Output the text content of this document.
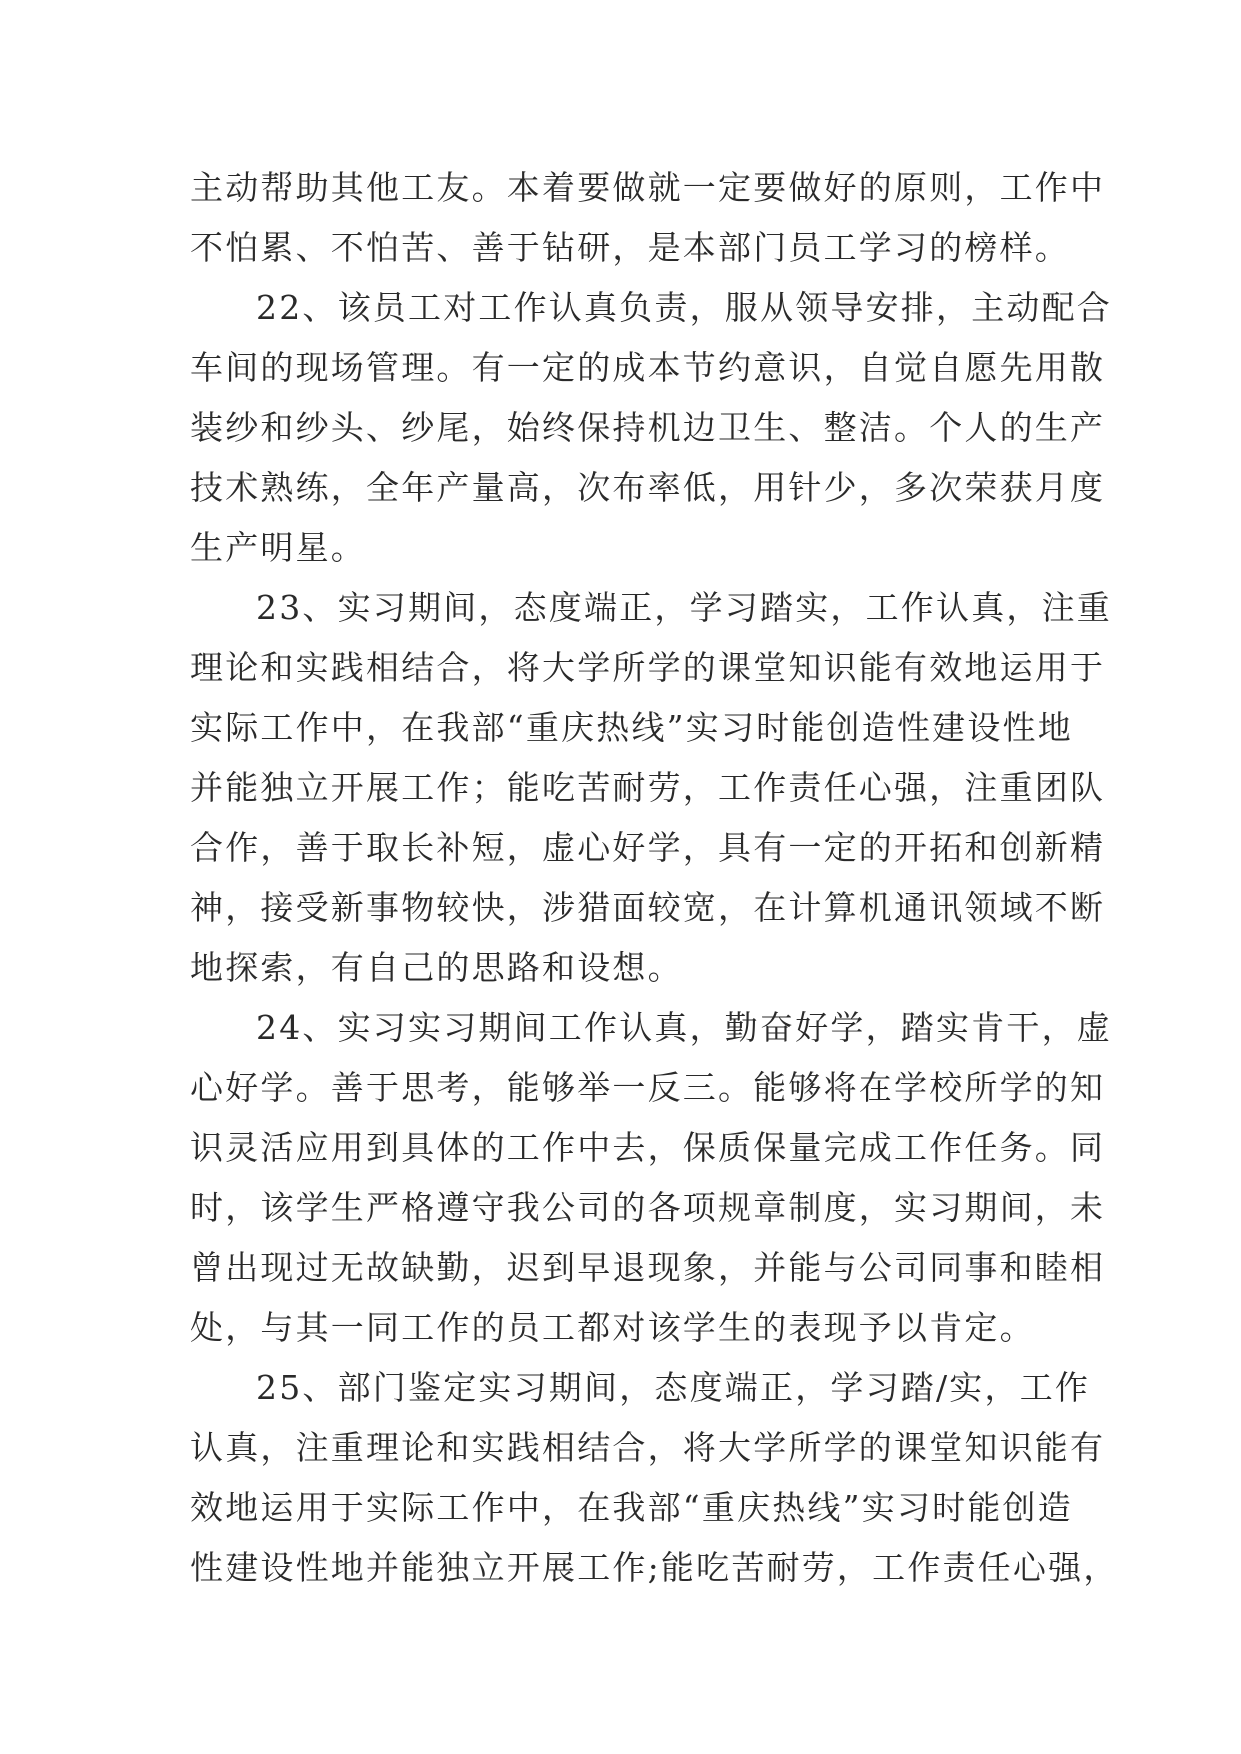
主动帮助其他工友。本着要做就一定要做好的原则，工作中
不怕累、不怕苦、善于钻研，是本部门员工学习的榜样。
22、该员工对工作认真负责，服从领导安排，主动配合
车间的现场管理。有一定的成本节约意识，自觉自愿先用散
装纱和纱头、纱尾，始终保持机边卫生、整洁。个人的生产
技术熟练，全年产量高，次布率低，用针少，多次荣获月度
生产明星。
23、实习期间，态度端正，学习踏实，工作认真，注重
理论和实践相结合，将大学所学的课堂知识能有效地运用于
实际工作中，在我部“重庆热线”实习时能创造性建设性地
并能独立开展工作；能吃苦耐劳，工作责任心强，注重团队
合作，善于取长补短，虚心好学，具有一定的开拓和创新精
神，接受新事物较快，涉猎面较宽，在计算机通讯领域不断
地探索，有自己的思路和设想。
24、实习实习期间工作认真，勤奋好学，踏实肯干，虚
心好学。善于思考，能够举一反三。能够将在学校所学的知
识灵活应用到具体的工作中去，保质保量完成工作任务。同
时，该学生严格遵守我公司的各项规章制度，实习期间，未
曾出现过无故缺勤，迟到早退现象，并能与公司同事和睦相
处，与其一同工作的员工都对该学生的表现予以肯定。
25、部门鉴定实习期间，态度端正，学习踏/实，工作
认真，注重理论和实践相结合，将大学所学的课堂知识能有
效地运用于实际工作中，在我部“重庆热线”实习时能创造
性建设性地并能独立开展工作;能吃苦耐劳，工作责任心强，
